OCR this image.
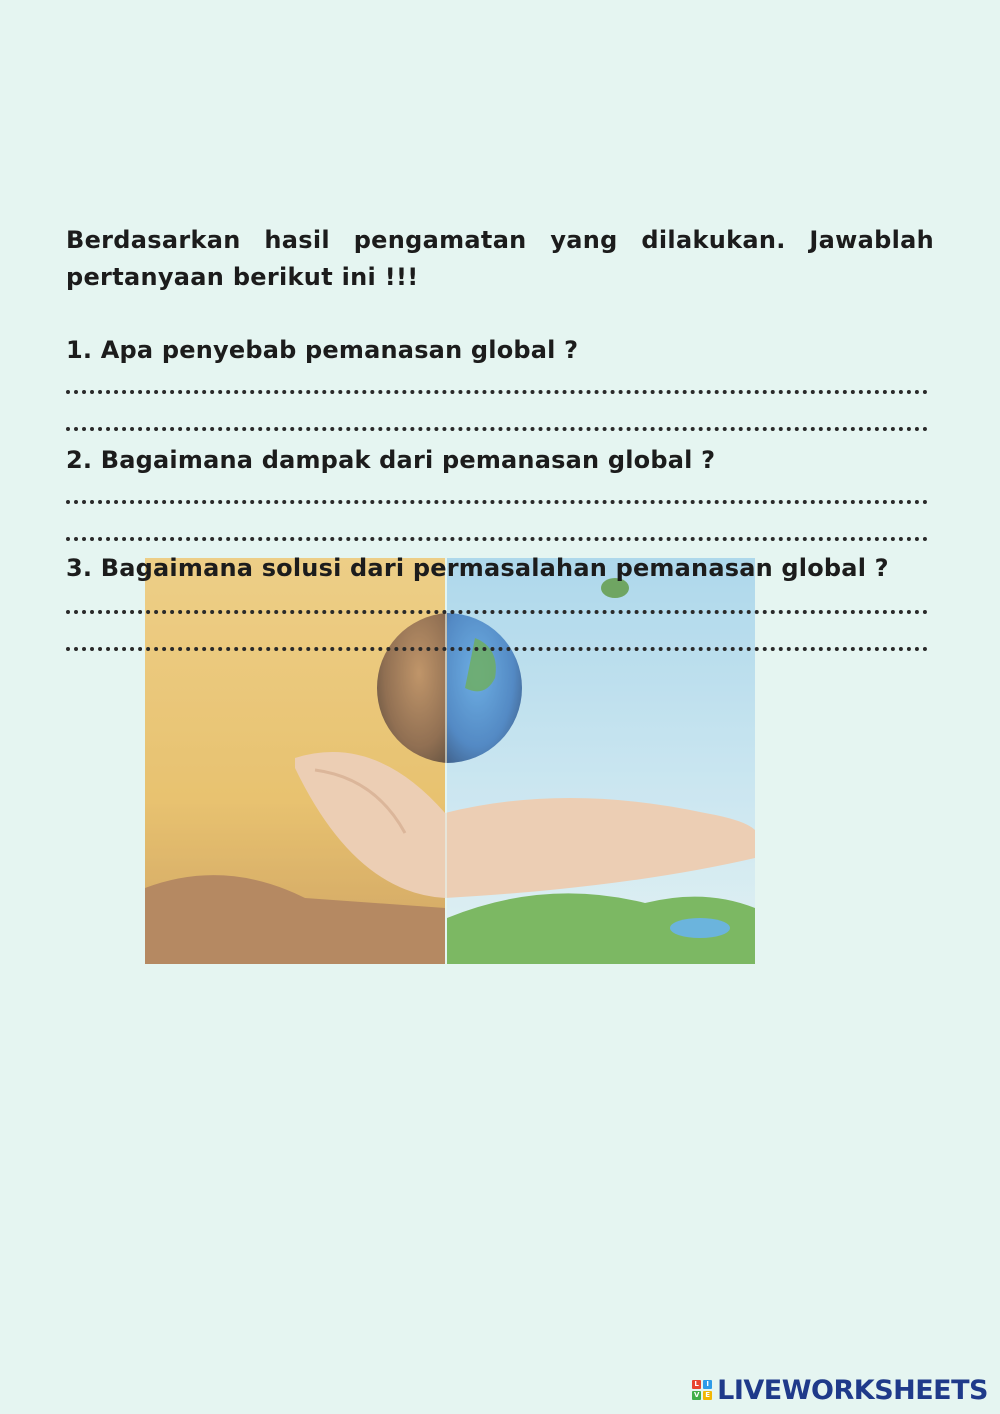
Berdasarkan hasil pengamatan yang dilakukan. Jawablah pertanyaan berikut ini !!!
1. Apa penyebab pemanasan global ?
2. Bagaimana dampak dari pemanasan global ?
3. Bagaimana solusi dari permasalahan pemanasan global ?
L	I
V E LIVEWORKSHEETS
